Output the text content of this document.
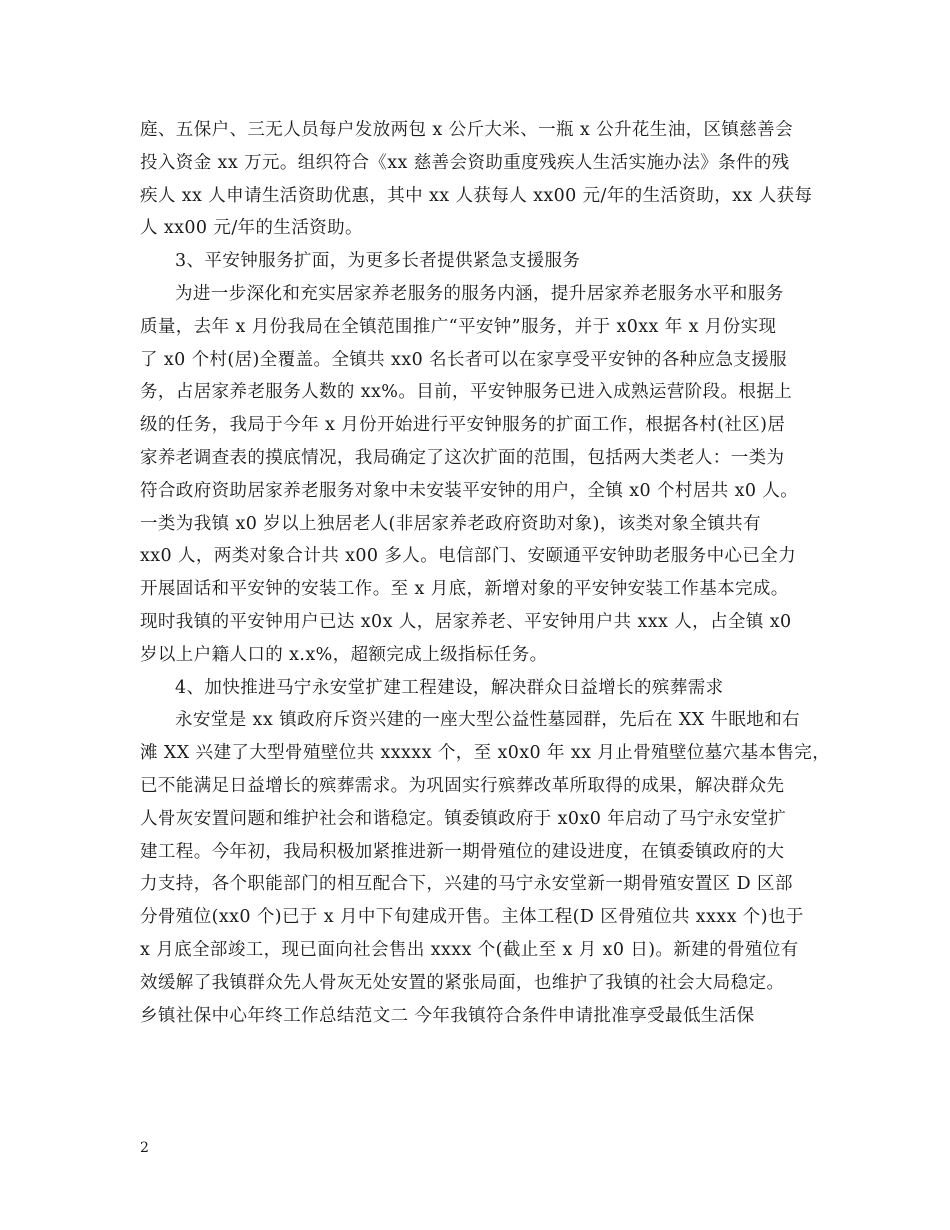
庭、五保户、三无人员每户发放两包 x 公斤大米、一瓶 x 公升花生油，区镇慈善会
投入资金 xx 万元。组织符合《xx 慈善会资助重度残疾人生活实施办法》条件的残
疾人 xx 人申请生活资助优惠，其中 xx 人获每人 xx00 元/年的生活资助，xx 人获每
人 xx00 元/年的生活资助。
3、平安钟服务扩面，为更多长者提供紧急支援服务
为进一步深化和充实居家养老服务的服务内涵，提升居家养老服务水平和服务
质量，去年 x 月份我局在全镇范围推广“平安钟”服务，并于 x0xx 年 x 月份实现
了 x0 个村(居)全覆盖。全镇共 xx0 名长者可以在家享受平安钟的各种应急支援服
务，占居家养老服务人数的 xx%。目前，平安钟服务已进入成熟运营阶段。根据上
级的任务，我局于今年 x 月份开始进行平安钟服务的扩面工作，根据各村(社区)居
家养老调查表的摸底情况，我局确定了这次扩面的范围，包括两大类老人：一类为
符合政府资助居家养老服务对象中未安装平安钟的用户，全镇 x0 个村居共 x0 人。
一类为我镇 x0 岁以上独居老人(非居家养老政府资助对象)，该类对象全镇共有
xx0 人，两类对象合计共 x00 多人。电信部门、安颐通平安钟助老服务中心已全力
开展固话和平安钟的安装工作。至 x 月底，新增对象的平安钟安装工作基本完成。
现时我镇的平安钟用户已达 x0x 人，居家养老、平安钟用户共 xxx 人，占全镇 x0
岁以上户籍人口的 x.x%，超额完成上级指标任务。
4、加快推进马宁永安堂扩建工程建设，解决群众日益增长的殡葬需求
永安堂是 xx 镇政府斥资兴建的一座大型公益性墓园群，先后在 XX 牛眠地和右
滩 XX 兴建了大型骨殖壁位共 xxxxx 个，至 x0x0 年 xx 月止骨殖壁位墓穴基本售完，
已不能满足日益增长的殡葬需求。为巩固实行殡葬改革所取得的成果，解决群众先
人骨灰安置问题和维护社会和谐稳定。镇委镇政府于 x0x0 年启动了马宁永安堂扩
建工程。今年初，我局积极加紧推进新一期骨殖位的建设进度，在镇委镇政府的大
力支持，各个职能部门的相互配合下，兴建的马宁永安堂新一期骨殖安置区 D 区部
分骨殖位(xx0 个)已于 x 月中下旬建成开售。主体工程(D 区骨殖位共 xxxx 个)也于
x 月底全部竣工，现已面向社会售出 xxxx 个(截止至 x 月 x0 日)。新建的骨殖位有
效缓解了我镇群众先人骨灰无处安置的紧张局面，也维护了我镇的社会大局稳定。
乡镇社保中心年终工作总结范文二 今年我镇符合条件申请批准享受最低生活保
2
